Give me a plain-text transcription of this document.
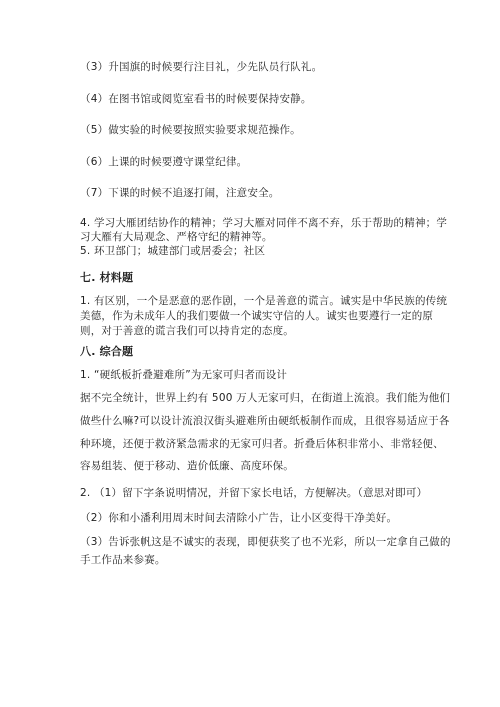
（3）升国旗的时候要行注目礼，少先队员行队礼。
（4）在图书馆或阅览室看书的时候要保持安静。
（5）做实验的时候要按照实验要求规范操作。
（6）上课的时候要遵守课堂纪律。
（7）下课的时候不追逐打闹，注意安全。
4. 学习大雁团结协作的精神；学习大雁对同伴不离不弃，乐于帮助的精神；学
习大雁有大局观念、严格守纪的精神等。
5. 环卫部门；城建部门或居委会；社区
七. 材料题
1. 有区别，一个是恶意的恶作剧，一个是善意的谎言。诚实是中华民族的传统
美德，作为未成年人的我们要做一个诚实守信的人。诚实也要遵行一定的原
则，对于善意的谎言我们可以持肯定的态度。
八. 综合题
1. “硬纸板折叠避难所”为无家可归者而设计
据不完全统计，世界上约有 500 万人无家可归，在街道上流浪。我们能为他们
做些什么嘛?可以设计流浪汉街头避难所由硬纸板制作而成，且很容易适应于各
种环境，还便于救济紧急需求的无家可归者。折叠后体积非常小、非常轻便、
容易组装、便于移动、造价低廉、高度环保。
2. （1）留下字条说明情况，并留下家长电话，方便解决。（意思对即可）
（2）你和小潘利用周末时间去清除小广告，让小区变得干净美好。
（3）告诉张帆这是不诚实的表现，即便获奖了也不光彩，所以一定拿自己做的
手工作品来参赛。
